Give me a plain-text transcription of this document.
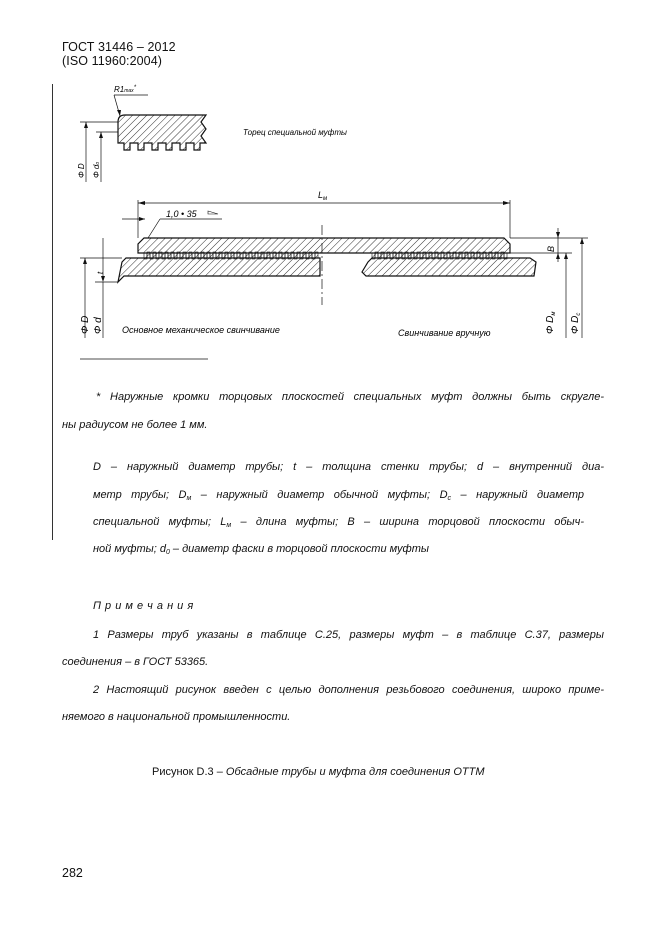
ГОСТ 31446 – 2012
(ISO 11960:2004)
R1max*
Φ D Φ do
Торец специальной муфты
$L_м$
1,0 • 35
t
Φ D Φ d
B
Φ $D_м$
Φ $D_c$
Основное механическое свинчивание	Свинчивание вручную
* Наружные кромки торцовых плоскостей специальных муфт должны быть скругле-
ны радиусом не более 1 мм.
D – наружный диаметр трубы; t – толщина стенки трубы; d – внутренний диа-
метр трубы; $D_м$ – наружный диаметр обычной муфты; $D_c$ – наружный диаметр
специальной муфты; $L_м$ – длина муфты; B – ширина торцовой плоскости обыч-
ной муфты; $d_0$ – диаметр фаски в торцовой плоскости муфты
П р и м е ч а н и я
1 Размеры труб указаны в таблице С.25, размеры муфт – в таблице С.37, размеры
соединения – в ГОСТ 53365.
2 Настоящий рисунок введен с целью дополнения резьбового соединения, широко приме-
няемого в национальной промышленности.
Рисунок D.3 – Обсадные трубы и муфта для соединения ОТТМ
282
